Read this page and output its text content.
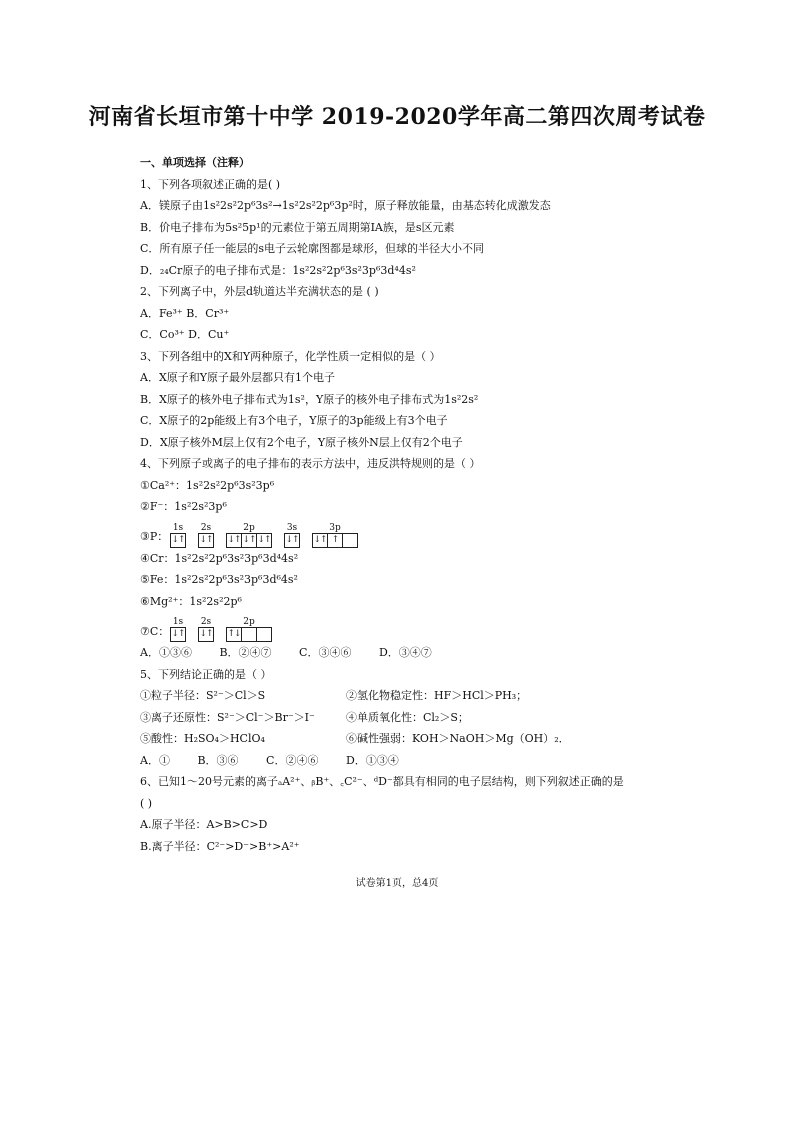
河南省长垣市第十中学 2019-2020学年高二第四次周考试卷
一、单项选择（注释）
1、下列各项叙述正确的是( )
A．镁原子由1s²2s²2p⁶3s²→1s²2s²2p⁶3p²时，原子释放能量，由基态转化成激发态
B．价电子排布为5s²5p¹的元素位于第五周期第ⅠA族，是s区元素
C．所有原子任一能层的s电子云轮廓图都是球形，但球的半径大小不同
D．₂₄Cr原子的电子排布式是：1s²2s²2p⁶3s²3p⁶3d⁴4s²
2、下列离子中，外层d轨道达半充满状态的是 ( )
A．Fe³⁺ B．Cr³⁺
C．Co³⁺ D．Cu⁺
3、下列各组中的X和Y两种原子，化学性质一定相似的是（ ）
A．X原子和Y原子最外层都只有1个电子
B．X原子的核外电子排布式为1s²，Y原子的核外电子排布式为1s²2s²
C．X原子的2p能级上有3个电子，Y原子的3p能级上有3个电子
D．X原子核外M层上仅有2个电子，Y原子核外N层上仅有2个电子
4、下列原子或离子的电子排布的表示方法中，违反洪特规则的是（ ）
①Ca²⁺：1s²2s²2p⁶3s²3p⁶
②F⁻：1s²2s²3p⁶
③P：
1s
↓↑
2s
↓↑
2p
↓↑ ↓↑ ↓↑
3s
↓↑
3p
↓↑ ↑
④Cr：1s²2s²2p⁶3s²3p⁶3d⁴4s²
⑤Fe：1s²2s²2p⁶3s²3p⁶3d⁶4s²
⑥Mg²⁺：1s²2s²2p⁶
⑦C：
1s
↓↑
2s
↓↑
2p
↑↓
A．①③⑥	B．②④⑦	C．③④⑥	D．③④⑦
5、下列结论正确的是（ ）
①粒子半径：S²⁻＞Cl＞S	②氢化物稳定性：HF＞HCl＞PH₃；
③离子还原性：S²⁻＞Cl⁻＞Br⁻＞I⁻	④单质氧化性：Cl₂＞S；
⑤酸性：H₂SO₄＞HClO₄	⑥碱性强弱：KOH＞NaOH＞Mg（OH）₂．
A．①	B．③⑥	C．②④⑥	D．①③④
6、已知1～20号元素的离子ₐA²⁺、ᵦB⁺、꜀C²⁻、ᵈD⁻都具有相同的电子层结构，则下列叙述正确的是
( )
A.原子半径：A>B>C>D
B.离子半径：C²⁻>D⁻>B⁺>A²⁺
试卷第1页，总4页
